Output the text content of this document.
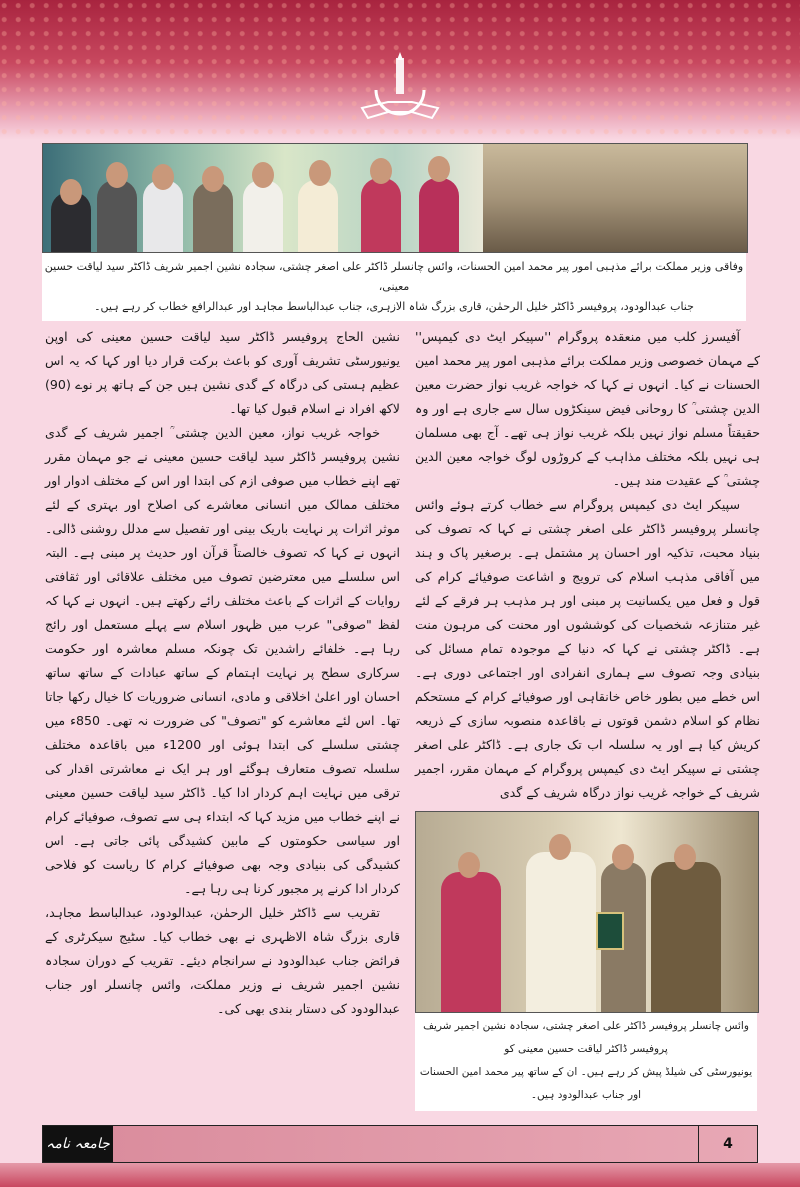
وفاقی وزیر مملکت برائے مذہبی امور پیر محمد امین الحسنات، وائس چانسلر ڈاکٹر علی اصغر چشتی، سجادہ نشین اجمیر شریف ڈاکٹر سید لیاقت حسین معینی،
جناب عبدالودود، پروفیسر ڈاکٹر خلیل الرحمٰن، قاری بزرگ شاہ الازہری، جناب عبدالباسط مجاہد اور عبدالرافع خطاب کر رہے ہیں۔

آفیسرز کلب میں منعقدہ پروگرام ''سپیکر ایٹ دی کیمپس'' کے مہمان خصوصی وزیر مملکت برائے مذہبی امور پیر محمد امین الحسنات نے کیا۔ انہوں نے کہا کہ خواجہ غریب نواز حضرت معین الدین چشتی ؒ کا روحانی فیض سینکڑوں سال سے جاری ہے اور وہ حقیقتاً مسلم نواز نہیں بلکہ غریب نواز ہی تھے۔ آج بھی مسلمان ہی نہیں بلکہ مختلف مذاہب کے کروڑوں لوگ خواجہ معین الدین چشتی ؒ کے عقیدت مند ہیں۔

سپیکر ایٹ دی کیمپس پروگرام سے خطاب کرتے ہوئے وائس چانسلر پروفیسر ڈاکٹر علی اصغر چشتی نے کہا کہ تصوف کی بنیاد محبت، تذکیہ اور احسان پر مشتمل ہے۔ برصغیر پاک و ہند میں آفاقی مذہب اسلام کی ترویج و اشاعت صوفیائے کرام کی قول و فعل میں یکسانیت پر مبنی اور ہر مذہب ہر فرقے کے لئے غیر متنازعہ شخصیات کی کوششوں اور محنت کی مرہون منت ہے۔ ڈاکٹر چشتی نے کہا کہ دنیا کے موجودہ تمام مسائل کی بنیادی وجہ تصوف سے ہماری انفرادی اور اجتماعی دوری ہے۔ اس خطے میں بطور خاص خانقاہی اور صوفیائے کرام کے مستحکم نظام کو اسلام دشمن قوتوں نے باقاعدہ منصوبہ سازی کے ذریعہ کریش کیا ہے اور یہ سلسلہ اب تک جاری ہے۔ ڈاکٹر علی اصغر چشتی نے سپیکر ایٹ دی کیمپس پروگرام کے مہمان مقرر، اجمیر شریف کے خواجہ غریب نواز درگاہ شریف کے گدی

وائس چانسلر پروفیسر ڈاکٹر علی اصغر چشتی، سجادہ نشین اجمیر شریف پروفیسر ڈاکٹر لیاقت حسین معینی کو
یونیورسٹی کی شیلڈ پیش کر رہے ہیں۔ ان کے ساتھ پیر محمد امین الحسنات اور جناب عبدالودود ہیں۔

نشین الحاج پروفیسر ڈاکٹر سید لیاقت حسین معینی کی اوپن یونیورسٹی تشریف آوری کو باعث برکت قرار دیا اور کہا کہ یہ اس عظیم ہستی کی درگاہ کے گدی نشین ہیں جن کے ہاتھ پر نوے (90) لاکھ افراد نے اسلام قبول کیا تھا۔

خواجہ غریب نواز، معین الدین چشتی ؒ اجمیر شریف کے گدی نشین پروفیسر ڈاکٹر سید لیاقت حسین معینی نے جو مہمان مقرر تھے اپنے خطاب میں صوفی ازم کی ابتدا اور اس کے مختلف ادوار اور مختلف ممالک میں انسانی معاشرے کی اصلاح اور بہتری کے لئے موثر اثرات پر نہایت باریک بینی اور تفصیل سے مدلل روشنی ڈالی۔ انہوں نے کہا کہ تصوف خالصتاً قرآن اور حدیث پر مبنی ہے۔ البتہ اس سلسلے میں معترضین تصوف میں مختلف علاقائی اور ثقافتی روایات کے اثرات کے باعث مختلف رائے رکھتے ہیں۔ انہوں نے کہا کہ لفظ "صوفی" عرب میں ظہور اسلام سے پہلے مستعمل اور رائج رہا ہے۔ خلفائے راشدین تک چونکہ مسلم معاشرہ اور حکومت سرکاری سطح پر نہایت اہتمام کے ساتھ عبادات کے ساتھ ساتھ احسان اور اعلیٰ اخلاقی و مادی، انسانی ضروریات کا خیال رکھا جاتا تھا۔ اس لئے معاشرے کو "تصوف" کی ضرورت نہ تھی۔ 850ء میں چشتی سلسلے کی ابتدا ہوئی اور 1200ء میں باقاعدہ مختلف سلسلہ تصوف متعارف ہوگئے اور ہر ایک نے معاشرتی اقدار کی ترقی میں نہایت اہم کردار ادا کیا۔ ڈاکٹر سید لیاقت حسین معینی نے اپنے خطاب میں مزید کہا کہ ابتداء ہی سے تصوف، صوفیائے کرام اور سیاسی حکومتوں کے مابین کشیدگی پائی جاتی ہے۔ اس کشیدگی کی بنیادی وجہ بھی صوفیائے کرام کا ریاست کو فلاحی کردار ادا کرنے پر مجبور کرنا ہی رہا ہے۔

تقریب سے ڈاکٹر خلیل الرحمٰن، عبدالودود، عبدالباسط مجاہد، قاری بزرگ شاہ الاظہری نے بھی خطاب کیا۔ سٹیج سیکرٹری کے فرائض جناب عبدالودود نے سرانجام دیئے۔ تقریب کے دوران سجادہ نشین اجمیر شریف نے وزیر مملکت، وائس چانسلر اور جناب عبدالودود کی دستار بندی بھی کی۔

جامعہ نامہ	4
